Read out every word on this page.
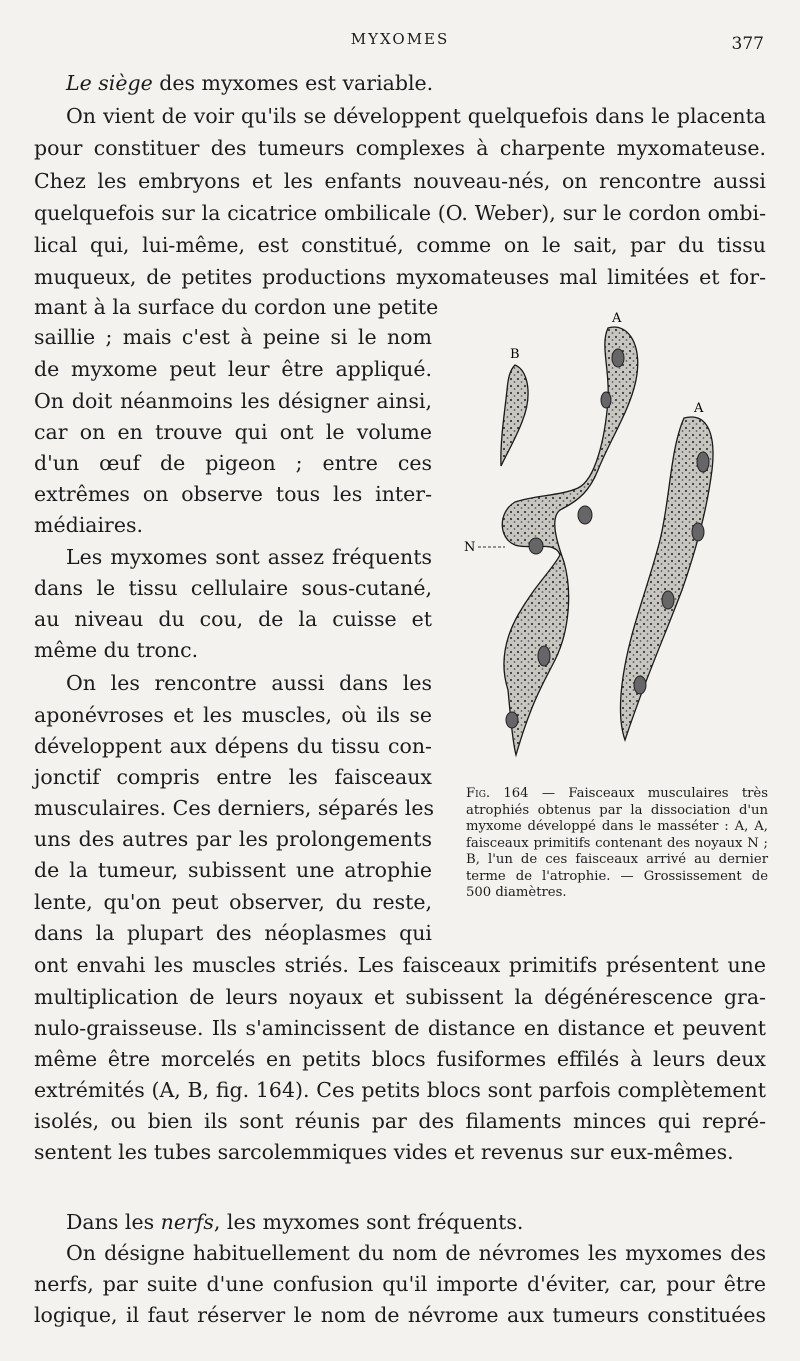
MYXOMES	377
Le siège des myxomes est variable.
On vient de voir qu'ils se développent quelquefois dans le placenta
pour constituer des tumeurs complexes à charpente myxomateuse.
Chez les embryons et les enfants nouveau-nés, on rencontre aussi
quelquefois sur la cicatrice ombilicale (O. Weber), sur le cordon ombi-
lical qui, lui-même, est constitué, comme on le sait, par du tissu
muqueux, de petites productions myxomateuses mal limitées et for-
mant à la surface du cordon une petite
saillie ; mais c'est à peine si le nom
de myxome peut leur être appliqué.
On doit néanmoins les désigner ainsi,
car on en trouve qui ont le volume
d'un œuf de pigeon ; entre ces
extrêmes on observe tous les inter-
médiaires.
Les myxomes sont assez fréquents
dans le tissu cellulaire sous-cutané,
au niveau du cou, de la cuisse et
même du tronc.
On les rencontre aussi dans les
aponévroses et les muscles, où ils se
développent aux dépens du tissu con-
jonctif compris entre les faisceaux
musculaires. Ces derniers, séparés les
uns des autres par les prolongements
de la tumeur, subissent une atrophie
lente, qu'on peut observer, du reste,
dans la plupart des néoplasmes qui
ont envahi les muscles striés. Les faisceaux primitifs présentent une
multiplication de leurs noyaux et subissent la dégénérescence gra-
nulo-graisseuse. Ils s'amincissent de distance en distance et peuvent
même être morcelés en petits blocs fusiformes effilés à leurs deux
extrémités (A, B, fig. 164). Ces petits blocs sont parfois complètement
isolés, ou bien ils sont réunis par des filaments minces qui repré-
sentent les tubes sarcolemmiques vides et revenus sur eux-mêmes.
Dans les nerfs, les myxomes sont fréquents.
On désigne habituellement du nom de névromes les myxomes des
nerfs, par suite d'une confusion qu'il importe d'éviter, car, pour être
logique, il faut réserver le nom de névrome aux tumeurs constituées
A
A
B
N
Fig. 164 — Faisceaux musculaires très atrophiés obtenus par la dissociation d'un myxome développé dans le masséter : A, A, faisceaux primitifs contenant des noyaux N ; B, l'un de ces faisceaux arrivé au dernier terme de l'atrophie. — Grossissement de 500 diamètres.
